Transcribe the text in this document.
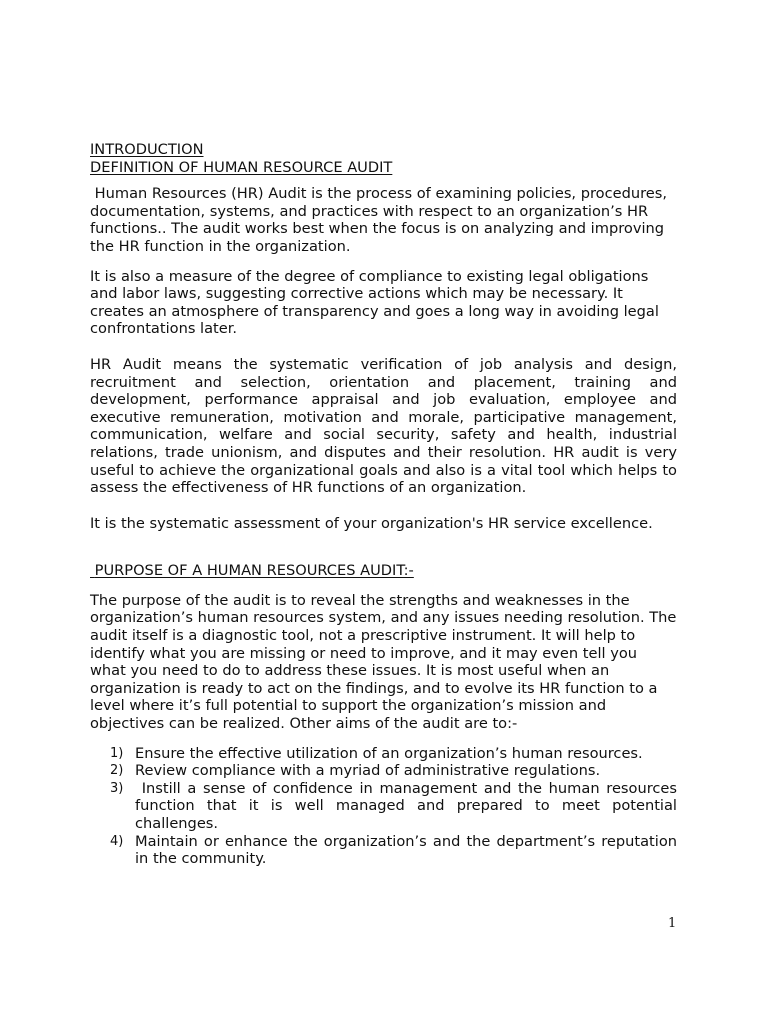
INTRODUCTION
DEFINITION OF HUMAN RESOURCE AUDIT

Human Resources (HR) Audit is the process of examining policies, procedures, documentation, systems, and practices with respect to an organization’s HR functions.. The audit works best when the focus is on analyzing and improving the HR function in the organization.

It is also a measure of the degree of compliance to existing legal obligations and labor laws, suggesting corrective actions which may be necessary. It creates an atmosphere of transparency and goes a long way in avoiding legal confrontations later.

HR Audit means the systematic verification of job analysis and design, recruitment and selection, orientation and placement, training and development, performance appraisal and job evaluation, employee and executive remuneration, motivation and morale, participative management, communication, welfare and social security, safety and health, industrial relations, trade unionism, and disputes and their resolution. HR audit is very useful to achieve the organizational goals and also is a vital tool which helps to assess the effectiveness of HR functions of an organization.

It is the systematic assessment of your organization's HR service excellence.

PURPOSE OF A HUMAN RESOURCES AUDIT:-

The purpose of the audit is to reveal the strengths and weaknesses in the organization’s human resources system, and any issues needing resolution. The audit itself is a diagnostic tool, not a prescriptive instrument. It will help to identify what you are missing or need to improve, and it may even tell you what you need to do to address these issues. It is most useful when an organization is ready to act on the findings, and to evolve its HR function to a level where it’s full potential to support the organization’s mission and objectives can be realized. Other aims of the audit are to:-

1) Ensure the effective utilization of an organization’s human resources.
2) Review compliance with a myriad of administrative regulations.
3) Instill a sense of confidence in management and the human resources function that it is well managed and prepared to meet potential challenges.
4) Maintain or enhance the organization’s and the department’s reputation in the community.
1
